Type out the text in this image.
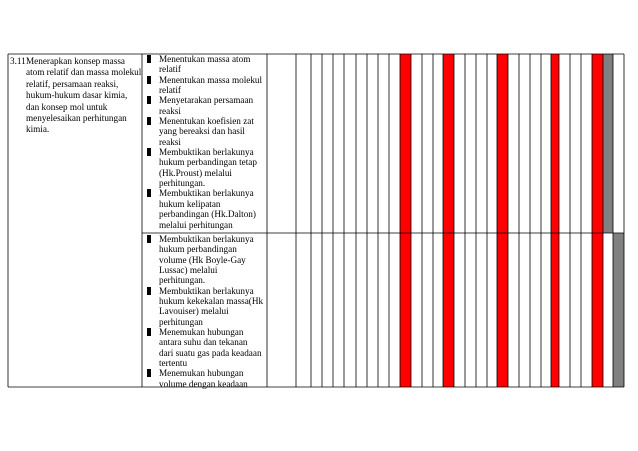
3.11 Menerapkan konsep massa atom relatif dan massa molekul relatif, persamaan reaksi, hukum-hukum dasar kimia, dan konsep mol untuk menyelesaikan perhitungan kimia.
Menentukan massa atom relatif
Menentukan massa molekul relatif
Menyetarakan persamaan reaksi
Menentukan koefisien zat yang bereaksi dan hasil reaksi
Membuktikan berlakunya hukum perbandingan tetap (Hk.Proust) melalui perhitungan.
Membuktikan berlakunya hukum kelipatan perbandingan (Hk.Dalton) melalui perhitungan
Membuktikan berlakunya hukum perbandingan volume (Hk Boyle-Gay Lussac) melalui perhitungan.
Membuktikan berlakunya hukum kekekalan massa(Hk Lavouiser) melalui perhitungan
Menemukan hubungan antara suhu dan tekanan dari suatu gas pada keadaan tertentu
Menemukan hubungan volume dengan keadaan
